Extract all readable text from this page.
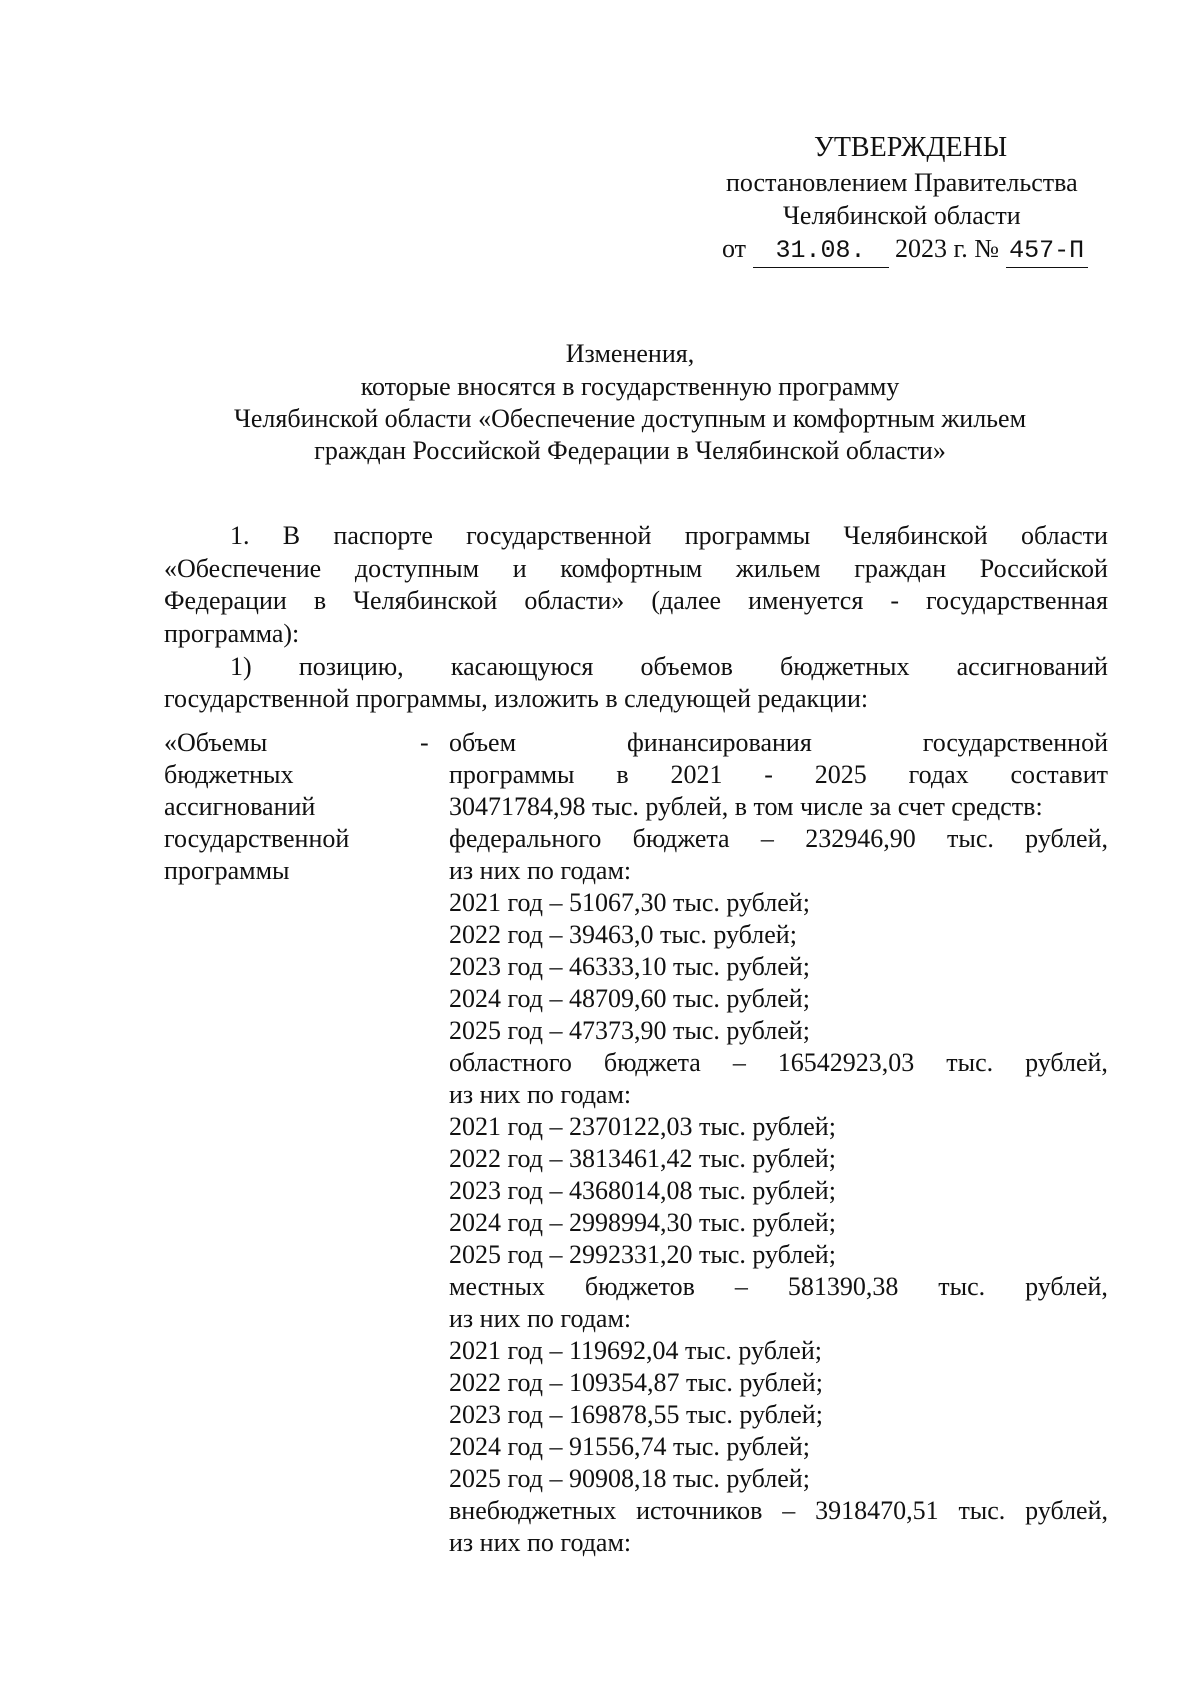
УТВЕРЖДЕНЫ
постановлением Правительства
Челябинской области
от 31.08. 2023 г. № 457-П
Изменения,
которые вносятся в государственную программу
Челябинской области «Обеспечение доступным и комфортным жильем
граждан Российской Федерации в Челябинской области»
1. В паспорте государственной программы Челябинской области
«Обеспечение доступным и комфортным жильем граждан Российской
Федерации в Челябинской области» (далее именуется - государственная
программа):
1) позицию, касающуюся объемов бюджетных ассигнований
государственной программы, изложить в следующей редакции:
«Объемы
бюджетных
ассигнований
государственной
программы
- объем	финансирования	государственной
программы в 2021 - 2025 годах составит
30471784,98 тыс. рублей, в том числе за счет средств:
федерального бюджета – 232946,90 тыс. рублей,
из них по годам:
2021 год – 51067,30 тыс. рублей;
2022 год – 39463,0 тыс. рублей;
2023 год – 46333,10 тыс. рублей;
2024 год – 48709,60 тыс. рублей;
2025 год – 47373,90 тыс. рублей;
областного бюджета – 16542923,03 тыс. рублей,
из них по годам:
2021 год – 2370122,03 тыс. рублей;
2022 год – 3813461,42 тыс. рублей;
2023 год – 4368014,08 тыс. рублей;
2024 год – 2998994,30 тыс. рублей;
2025 год – 2992331,20 тыс. рублей;
местных бюджетов – 581390,38 тыс. рублей,
из них по годам:
2021 год – 119692,04 тыс. рублей;
2022 год – 109354,87 тыс. рублей;
2023 год – 169878,55 тыс. рублей;
2024 год – 91556,74 тыс. рублей;
2025 год – 90908,18 тыс. рублей;
внебюджетных источников – 3918470,51 тыс. рублей,
из них по годам:
